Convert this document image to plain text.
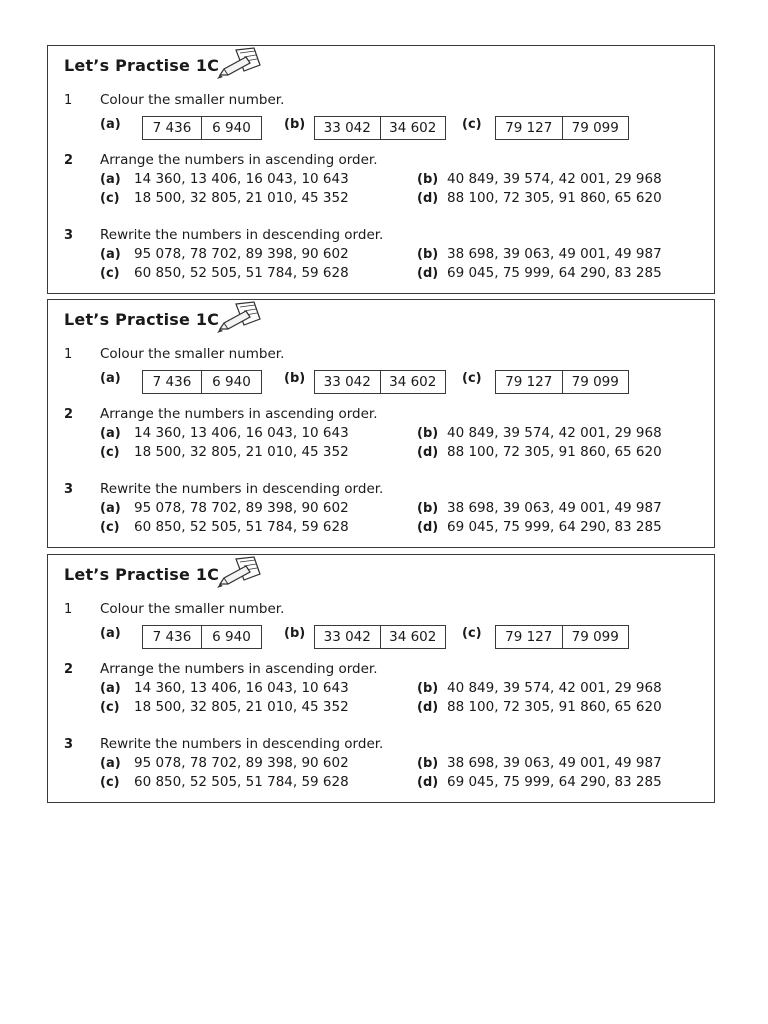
Let’s Practise 1C
1 Colour the smaller number.
(a)	7 436	6 940	(b)	33 042	34 602	(c)	79 127	79 099
2 Arrange the numbers in ascending order.
(a) 14 360, 13 406, 16 043, 10 643	(b) 40 849, 39 574, 42 001, 29 968
(c) 18 500, 32 805, 21 010, 45 352	(d) 88 100, 72 305, 91 860, 65 620
3 Rewrite the numbers in descending order.
(a) 95 078, 78 702, 89 398, 90 602	(b) 38 698, 39 063, 49 001, 49 987
(c) 60 850, 52 505, 51 784, 59 628	(d) 69 045, 75 999, 64 290, 83 285
Let’s Practise 1C
1 Colour the smaller number.
(a)	7 436	6 940	(b)	33 042	34 602	(c)	79 127	79 099
2 Arrange the numbers in ascending order.
(a) 14 360, 13 406, 16 043, 10 643	(b) 40 849, 39 574, 42 001, 29 968
(c) 18 500, 32 805, 21 010, 45 352	(d) 88 100, 72 305, 91 860, 65 620
3 Rewrite the numbers in descending order.
(a) 95 078, 78 702, 89 398, 90 602	(b) 38 698, 39 063, 49 001, 49 987
(c) 60 850, 52 505, 51 784, 59 628	(d) 69 045, 75 999, 64 290, 83 285
Let’s Practise 1C
1 Colour the smaller number.
(a)	7 436	6 940	(b)	33 042	34 602	(c)	79 127	79 099
2 Arrange the numbers in ascending order.
(a) 14 360, 13 406, 16 043, 10 643	(b) 40 849, 39 574, 42 001, 29 968
(c) 18 500, 32 805, 21 010, 45 352	(d) 88 100, 72 305, 91 860, 65 620
3 Rewrite the numbers in descending order.
(a) 95 078, 78 702, 89 398, 90 602	(b) 38 698, 39 063, 49 001, 49 987
(c) 60 850, 52 505, 51 784, 59 628	(d) 69 045, 75 999, 64 290, 83 285
